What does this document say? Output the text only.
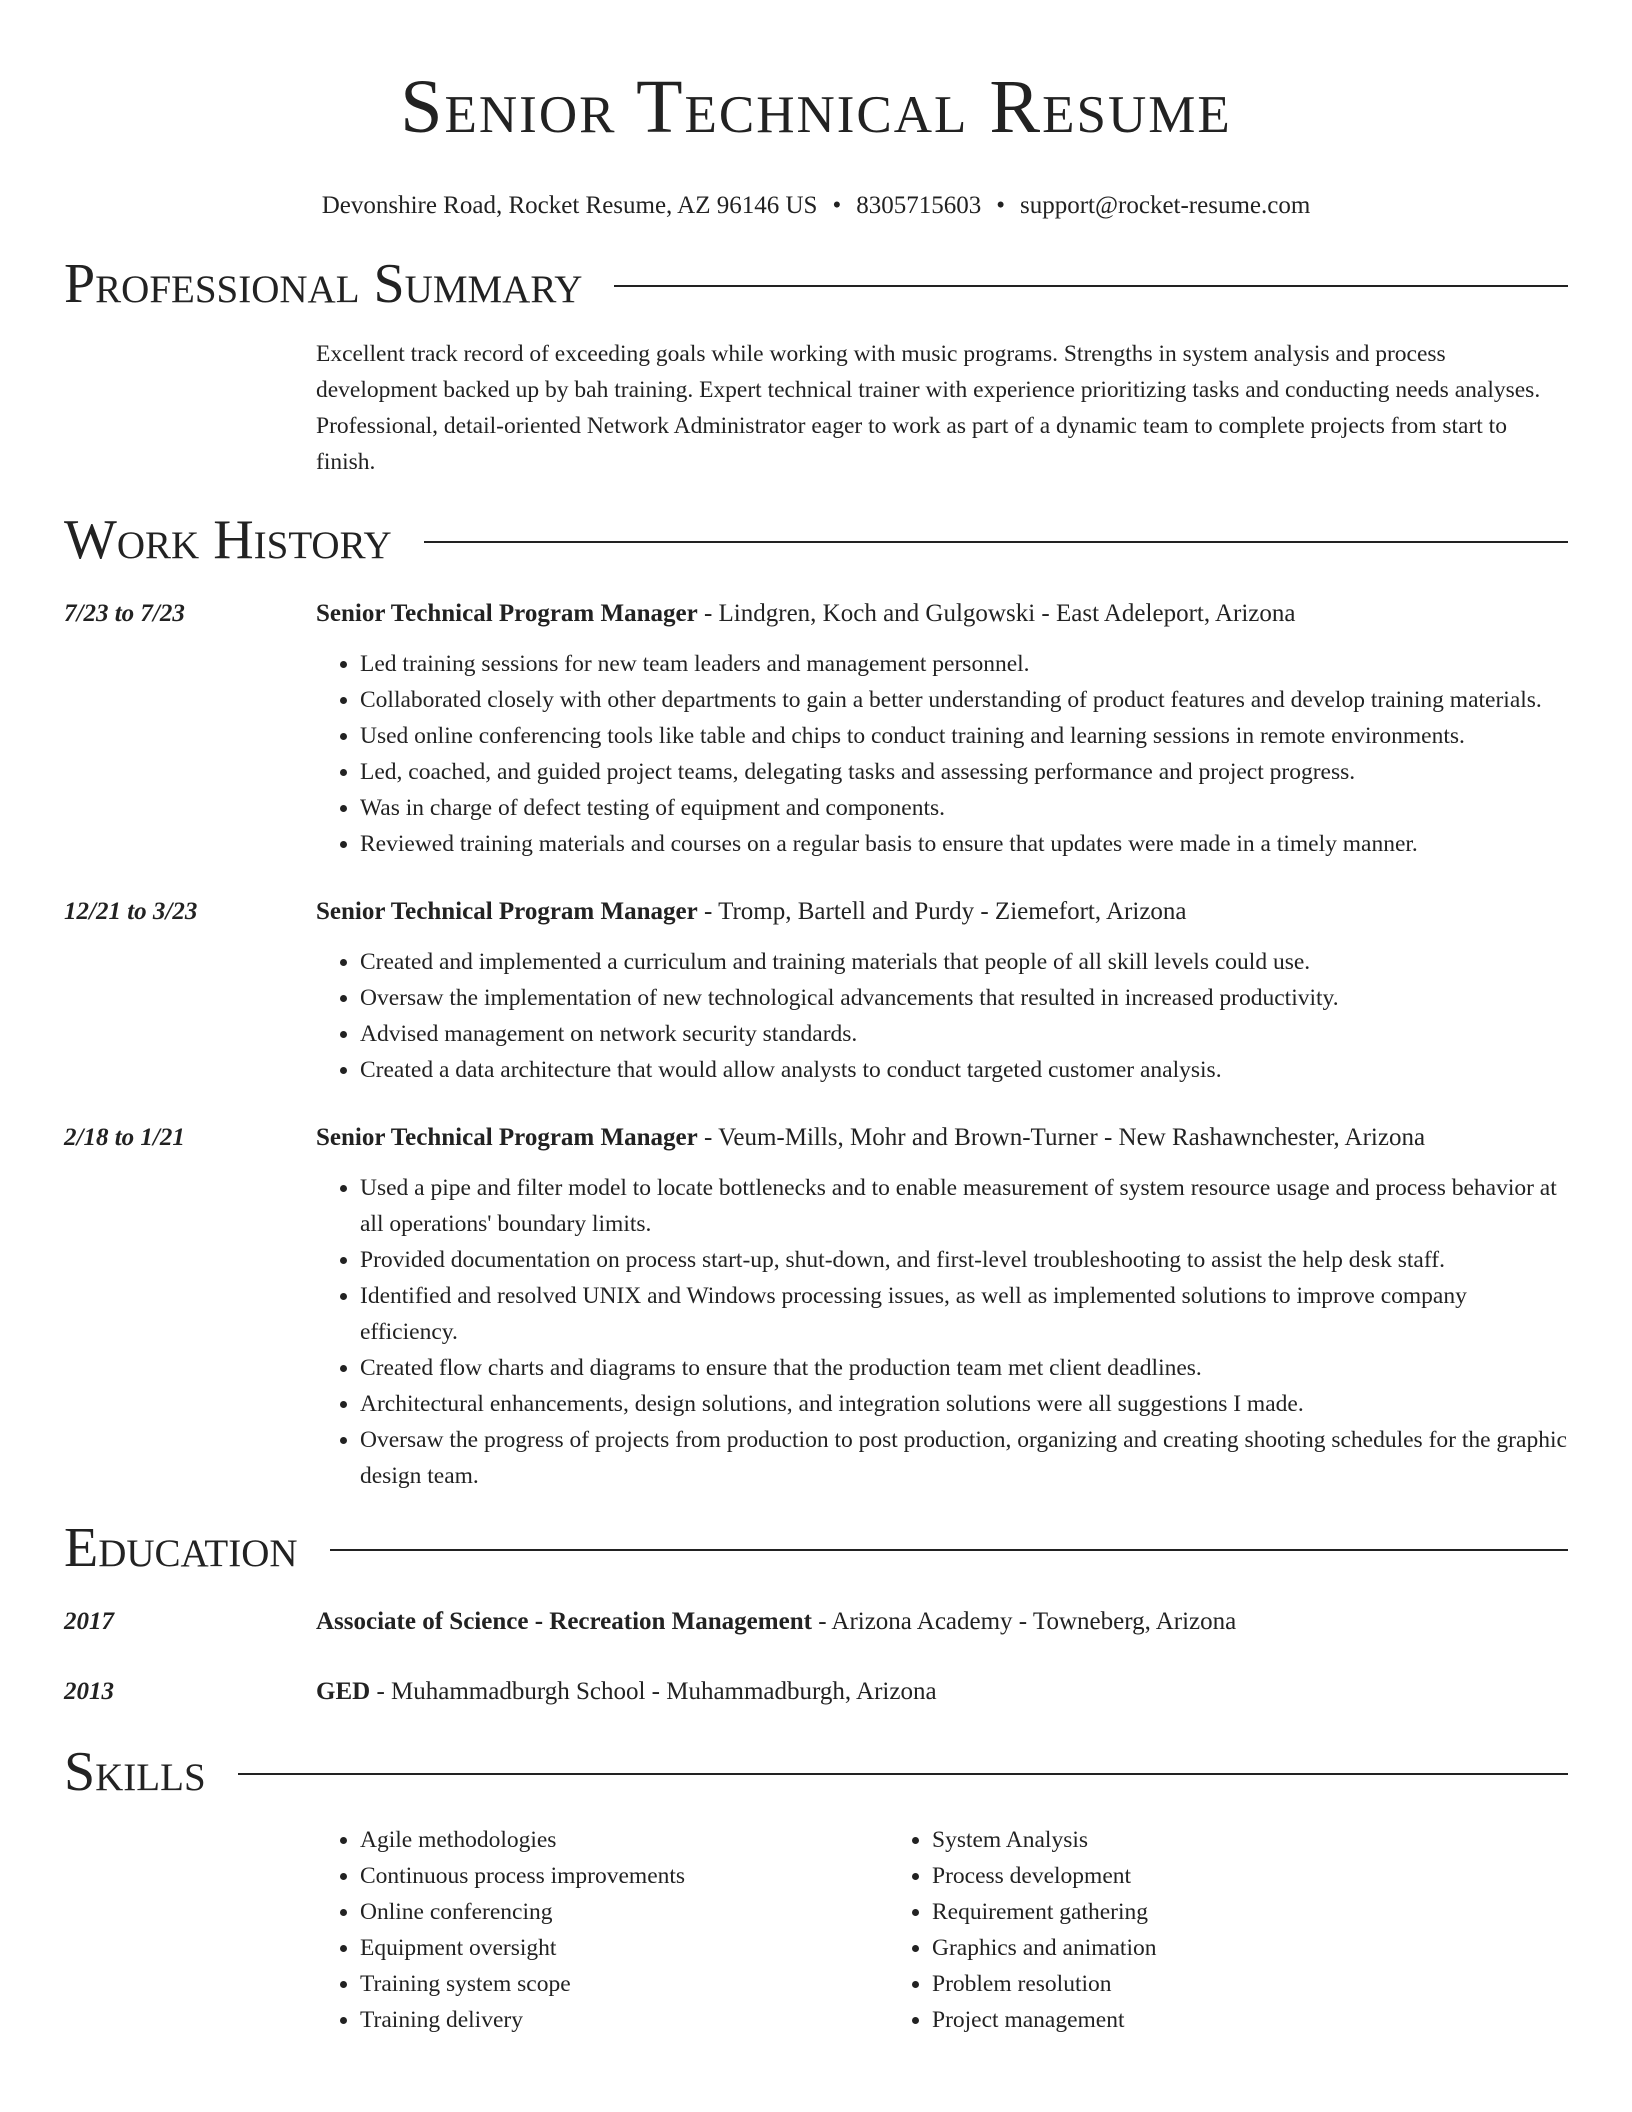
Senior Technical Resume
Devonshire Road, Rocket Resume, AZ 96146 US • 8305715603 • support@rocket-resume.com
Professional Summary

Excellent track record of exceeding goals while working with music programs. Strengths in system analysis and process development backed up by bah training. Expert technical trainer with experience prioritizing tasks and conducting needs analyses. Professional, detail-oriented Network Administrator eager to work as part of a dynamic team to complete projects from start to finish.

Work History
7/23 to 7/23	Senior Technical Program Manager - Lindgren, Koch and Gulgowski - East Adeleport, Arizona
• Led training sessions for new team leaders and management personnel.
• Collaborated closely with other departments to gain a better understanding of product features and develop training materials.
• Used online conferencing tools like table and chips to conduct training and learning sessions in remote environments.
• Led, coached, and guided project teams, delegating tasks and assessing performance and project progress.
• Was in charge of defect testing of equipment and components.
• Reviewed training materials and courses on a regular basis to ensure that updates were made in a timely manner.
12/21 to 3/23	Senior Technical Program Manager - Tromp, Bartell and Purdy - Ziemefort, Arizona
• Created and implemented a curriculum and training materials that people of all skill levels could use.
• Oversaw the implementation of new technological advancements that resulted in increased productivity.
• Advised management on network security standards.
• Created a data architecture that would allow analysts to conduct targeted customer analysis.
2/18 to 1/21	Senior Technical Program Manager - Veum-Mills, Mohr and Brown-Turner - New Rashawnchester, Arizona
• Used a pipe and filter model to locate bottlenecks and to enable measurement of system resource usage and process behavior at all operations' boundary limits.
• Provided documentation on process start-up, shut-down, and first-level troubleshooting to assist the help desk staff.
• Identified and resolved UNIX and Windows processing issues, as well as implemented solutions to improve company efficiency.
• Created flow charts and diagrams to ensure that the production team met client deadlines.
• Architectural enhancements, design solutions, and integration solutions were all suggestions I made.
• Oversaw the progress of projects from production to post production, organizing and creating shooting schedules for the graphic design team.
Education
2017	Associate of Science - Recreation Management - Arizona Academy - Towneberg, Arizona
2013	GED - Muhammadburgh School - Muhammadburgh, Arizona
Skills
• Agile methodologies
• Continuous process improvements
• Online conferencing
• Equipment oversight
• Training system scope
• Training delivery
• System Analysis
• Process development
• Requirement gathering
• Graphics and animation
• Problem resolution
• Project management
